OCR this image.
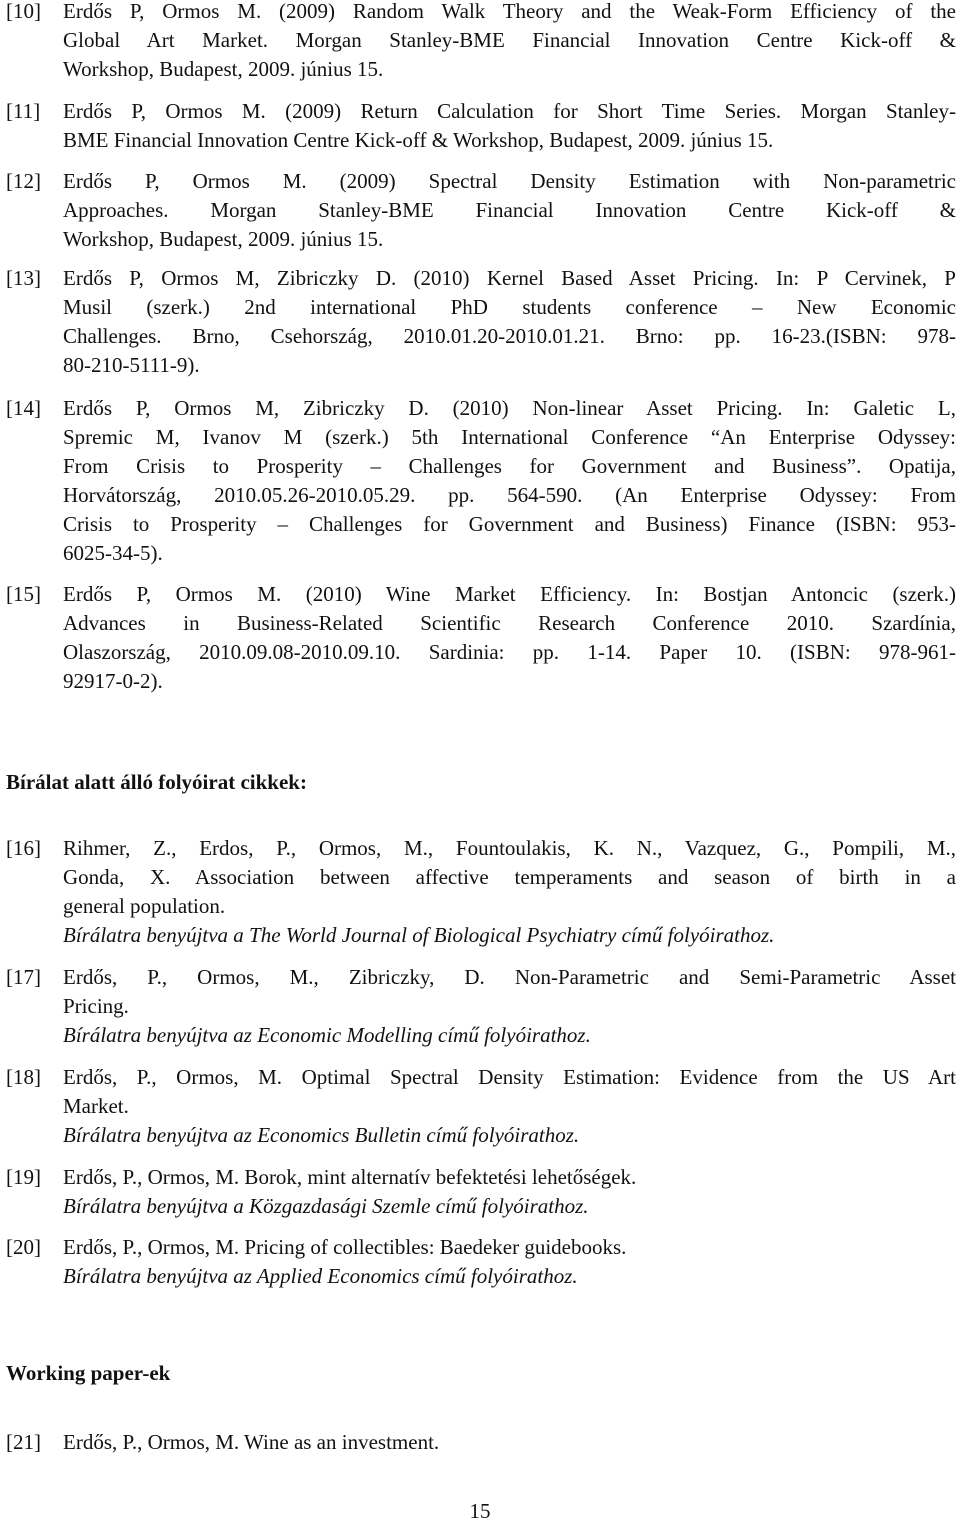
[10] Erdős P, Ormos M. (2009) Random Walk Theory and the Weak-Form Efficiency of the
Global Art Market. Morgan Stanley-BME Financial Innovation Centre Kick-off &
Workshop, Budapest, 2009. június 15.
[11] Erdős P, Ormos M. (2009) Return Calculation for Short Time Series. Morgan Stanley-
BME Financial Innovation Centre Kick-off & Workshop, Budapest, 2009. június 15.
[12] Erdős P, Ormos M. (2009) Spectral Density Estimation with Non-parametric
Approaches. Morgan Stanley-BME Financial Innovation Centre Kick-off &
Workshop, Budapest, 2009. június 15.
[13] Erdős P, Ormos M, Zibriczky D. (2010) Kernel Based Asset Pricing. In: P Cervinek, P
Musil (szerk.) 2nd international PhD students conference – New Economic
Challenges. Brno, Csehország, 2010.01.20-2010.01.21. Brno: pp. 16-23.(ISBN: 978-
80-210-5111-9).
[14] Erdős P, Ormos M, Zibriczky D. (2010) Non-linear Asset Pricing. In: Galetic L,
Spremic M, Ivanov M (szerk.) 5th International Conference “An Enterprise Odyssey:
From Crisis to Prosperity – Challenges for Government and Business”. Opatija,
Horvátország, 2010.05.26-2010.05.29. pp. 564-590. (An Enterprise Odyssey: From
Crisis to Prosperity – Challenges for Government and Business) Finance (ISBN: 953-
6025-34-5).
[15] Erdős P, Ormos M. (2010) Wine Market Efficiency. In: Bostjan Antoncic (szerk.)
Advances in Business-Related Scientific Research Conference 2010. Szardínia,
Olaszország, 2010.09.08-2010.09.10. Sardinia: pp. 1-14. Paper 10. (ISBN: 978-961-
92917-0-2).
Bírálat alatt álló folyóirat cikkek:
[16] Rihmer, Z., Erdos, P., Ormos, M., Fountoulakis, K. N., Vazquez, G., Pompili, M.,
Gonda, X. Association between affective temperaments and season of birth in a
general population.
Bírálatra benyújtva a The World Journal of Biological Psychiatry című folyóirathoz.
[17] Erdős, P., Ormos, M., Zibriczky, D. Non-Parametric and Semi-Parametric Asset
Pricing.
Bírálatra benyújtva az Economic Modelling című folyóirathoz.
[18] Erdős, P., Ormos, M. Optimal Spectral Density Estimation: Evidence from the US Art
Market.
Bírálatra benyújtva az Economics Bulletin című folyóirathoz.
[19] Erdős, P., Ormos, M. Borok, mint alternatív befektetési lehetőségek.
Bírálatra benyújtva a Közgazdasági Szemle című folyóirathoz.
[20] Erdős, P., Ormos, M. Pricing of collectibles: Baedeker guidebooks.
Bírálatra benyújtva az Applied Economics című folyóirathoz.
Working paper-ek
[21] Erdős, P., Ormos, M. Wine as an investment.
15
